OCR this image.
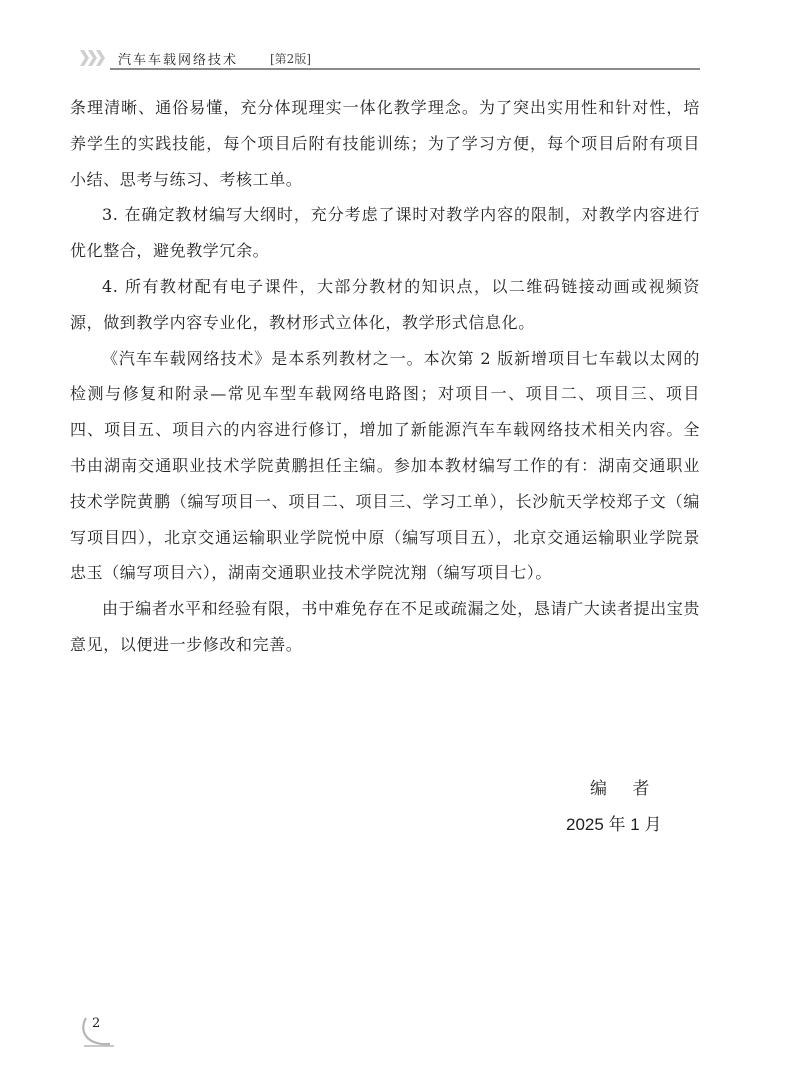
汽车车载网络技术	[第2版]

条理清晰、通俗易懂，充分体现理实一体化教学理念。为了突出实用性和针对性，培养学生的实践技能，每个项目后附有技能训练；为了学习方便，每个项目后附有项目小结、思考与练习、考核工单。

3. 在确定教材编写大纲时，充分考虑了课时对教学内容的限制，对教学内容进行优化整合，避免教学冗余。

4. 所有教材配有电子课件，大部分教材的知识点，以二维码链接动画或视频资源，做到教学内容专业化，教材形式立体化，教学形式信息化。

《汽车车载网络技术》是本系列教材之一。本次第 2 版新增项目七车载以太网的检测与修复和附录—常见车型车载网络电路图；对项目一、项目二、项目三、项目四、项目五、项目六的内容进行修订，增加了新能源汽车车载网络技术相关内容。全书由湖南交通职业技术学院黄鹏担任主编。参加本教材编写工作的有：湖南交通职业技术学院黄鹏（编写项目一、项目二、项目三、学习工单），长沙航天学校郑子文（编写项目四），北京交通运输职业学院悦中原（编写项目五），北京交通运输职业学院景忠玉（编写项目六），湖南交通职业技术学院沈翔（编写项目七）。

由于编者水平和经验有限，书中难免存在不足或疏漏之处，恳请广大读者提出宝贵意见，以便进一步修改和完善。

编 者
2025 年 1 月
2
